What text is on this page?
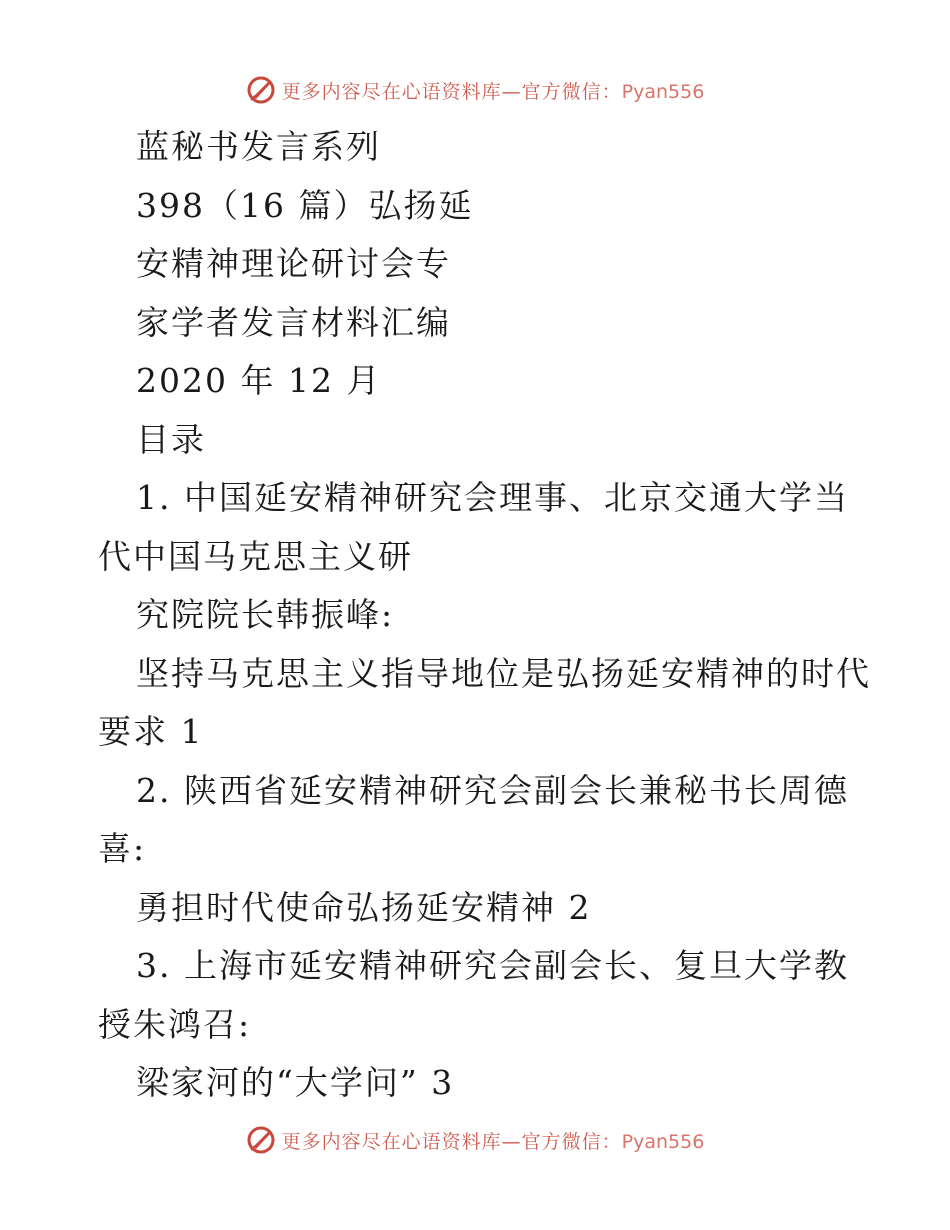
更多内容尽在心语资料库—官方微信：Pyan556
蓝秘书发言系列
398（16 篇）弘扬延
安精神理论研讨会专
家学者发言材料汇编
2020 年 12 月
目录
1. 中国延安精神研究会理事、北京交通大学当
代中国马克思主义研
究院院长韩振峰:
坚持马克思主义指导地位是弘扬延安精神的时代
要求 1
2. 陕西省延安精神研究会副会长兼秘书长周德
喜:
勇担时代使命弘扬延安精神 2
3. 上海市延安精神研究会副会长、复旦大学教
授朱鸿召:
梁家河的“大学问” 3
更多内容尽在心语资料库—官方微信：Pyan556
